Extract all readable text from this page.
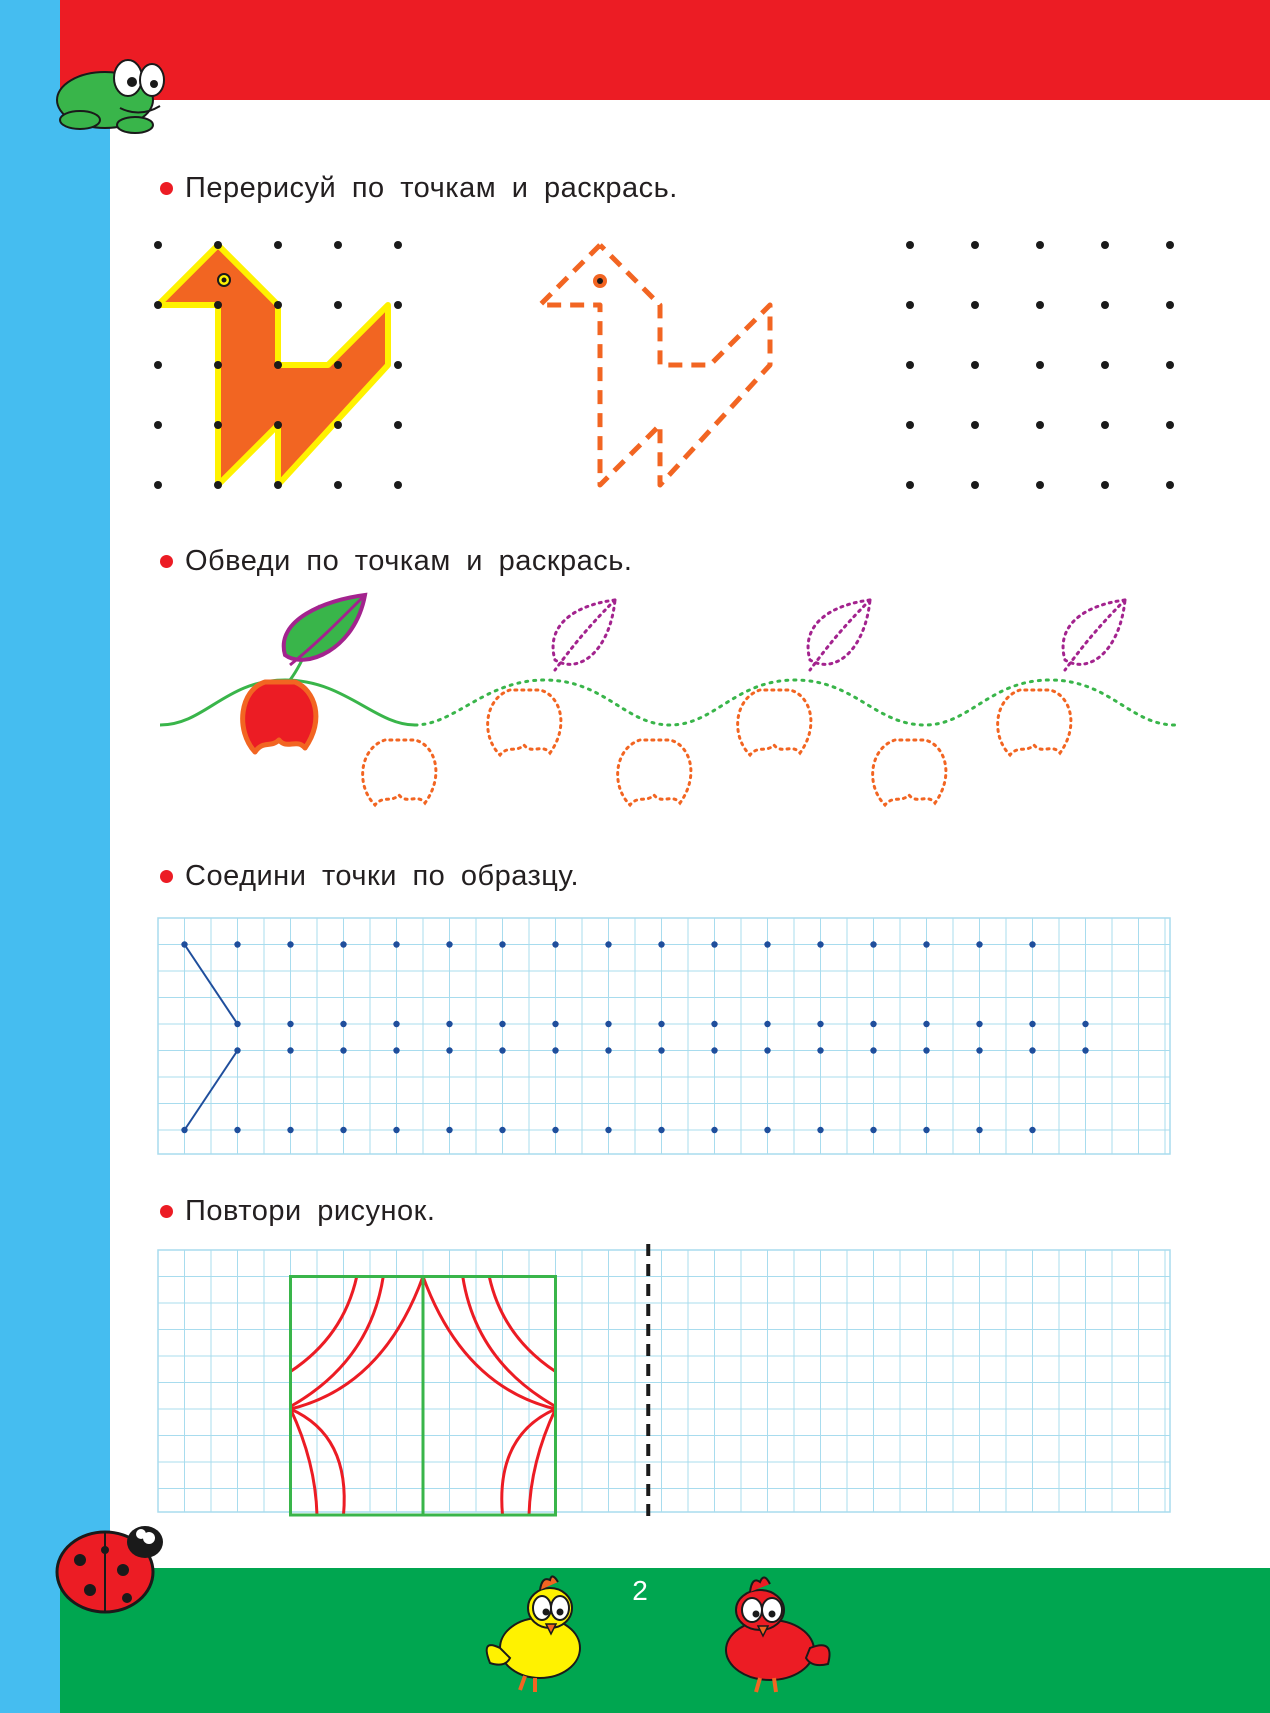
Перерисуй по точкам и раскрась.
Обведи по точкам и раскрась.
Соедини точки по образцу.
Повтори рисунок.
2
